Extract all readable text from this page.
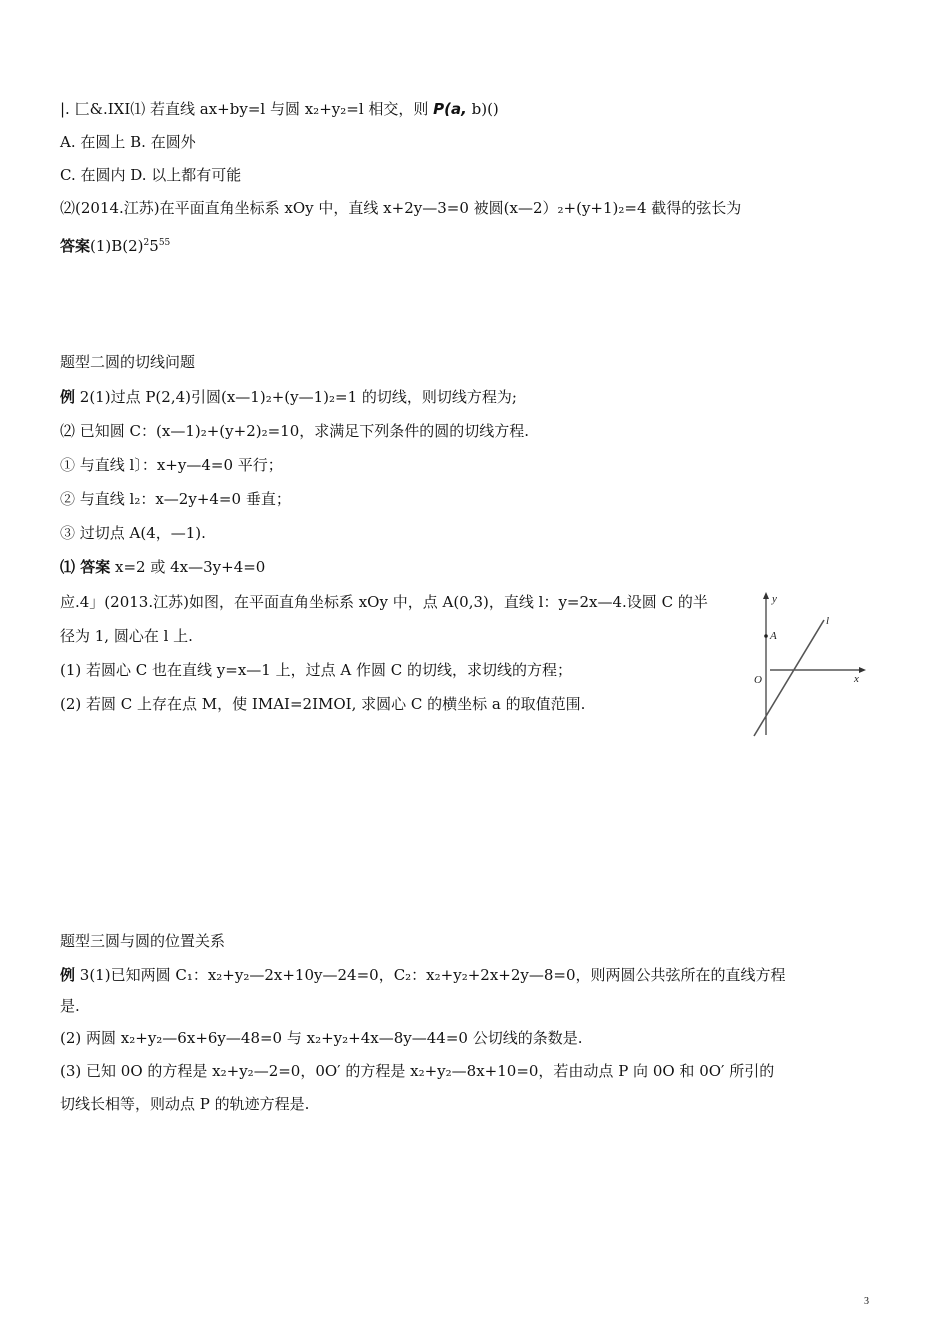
|. 匚&.IXI⑴ 若直线 ax+by=l 与圆 x₂+y₂=l 相交，则 P(a, b)()
A. 在圆上 B. 在圆外
C. 在圆内 D. 以上都有可能
⑵(2014.江苏)在平面直角坐标系 xOy 中，直线 x+2y—3=0 被圆(x—2）₂+(y+1)₂=4 截得的弦长为
答案$(1)B(2)^25^{55}$
题型二圆的切线问题
例 2(1)过点 P(2,4)引圆(x—1)₂+(y—1)₂=1 的切线，则切线方程为;
⑵ 已知圆 C：(x—1)₂+(y+2)₂=10，求满足下列条件的圆的切线方程.
① 与直线 l〕：x+y—4=0 平行；
② 与直线 l₂：x—2y+4=0 垂直；
③ 过切点 A(4，—1).
⑴ 答案 x=2 或 4x—3y+4=0
应.4」(2013.江苏)如图，在平面直角坐标系 xOy 中，点 A(0,3)，直线 l：y=2x—4.设圆 C 的半
径为 1, 圆心在 l 上.
(1) 若圆心 C 也在直线 y=x—1 上，过点 A 作圆 C 的切线，求切线的方程；
(2) 若圆 C 上存在点 M，使 IMAI=2IMOI, 求圆心 C 的横坐标 a 的取值范围.
y
x
A
O
l
题型三圆与圆的位置关系
例 3(1)已知两圆 C₁：x₂+y₂—2x+10y—24=0，C₂：x₂+y₂+2x+2y—8=0，则两圆公共弦所在的直线方程
是.
(2) 两圆 x₂+y₂—6x+6y—48=0 与 x₂+y₂+4x—8y—44=0 公切线的条数是.
(3) 已知 0O 的方程是 x₂+y₂—2=0，0O′ 的方程是 x₂+y₂—8x+10=0，若由动点 P 向 0O 和 0O′ 所引的
切线长相等，则动点 P 的轨迹方程是.
3
